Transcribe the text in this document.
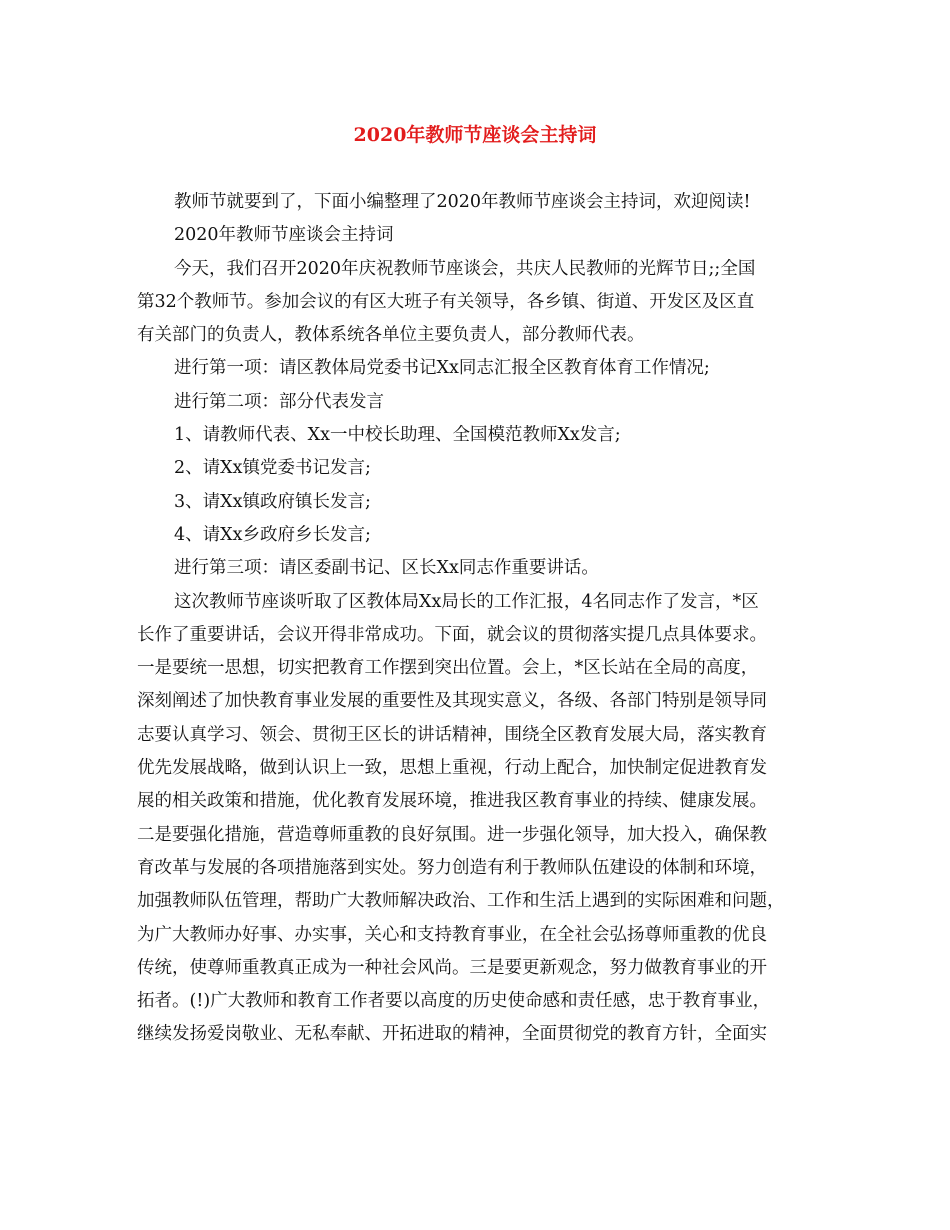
2020年教师节座谈会主持词
教师节就要到了，下面小编整理了2020年教师节座谈会主持词，欢迎阅读!
2020年教师节座谈会主持词
今天，我们召开2020年庆祝教师节座谈会，共庆人民教师的光辉节日;;全国
第32个教师节。参加会议的有区大班子有关领导，各乡镇、街道、开发区及区直
有关部门的负责人，教体系统各单位主要负责人，部分教师代表。
进行第一项：请区教体局党委书记Xx同志汇报全区教育体育工作情况;
进行第二项：部分代表发言
1、请教师代表、Xx一中校长助理、全国模范教师Xx发言;
2、请Xx镇党委书记发言;
3、请Xx镇政府镇长发言;
4、请Xx乡政府乡长发言;
进行第三项：请区委副书记、区长Xx同志作重要讲话。
这次教师节座谈听取了区教体局Xx局长的工作汇报，4名同志作了发言，*区
长作了重要讲话，会议开得非常成功。下面，就会议的贯彻落实提几点具体要求。
一是要统一思想，切实把教育工作摆到突出位置。会上，*区长站在全局的高度，
深刻阐述了加快教育事业发展的重要性及其现实意义，各级、各部门特别是领导同
志要认真学习、领会、贯彻王区长的讲话精神，围绕全区教育发展大局，落实教育
优先发展战略，做到认识上一致，思想上重视，行动上配合，加快制定促进教育发
展的相关政策和措施，优化教育发展环境，推进我区教育事业的持续、健康发展。
二是要强化措施，营造尊师重教的良好氛围。进一步强化领导，加大投入，确保教
育改革与发展的各项措施落到实处。努力创造有利于教师队伍建设的体制和环境，
加强教师队伍管理，帮助广大教师解决政治、工作和生活上遇到的实际困难和问题，
为广大教师办好事、办实事，关心和支持教育事业，在全社会弘扬尊师重教的优良
传统，使尊师重教真正成为一种社会风尚。三是要更新观念，努力做教育事业的开
拓者。(!)广大教师和教育工作者要以高度的历史使命感和责任感，忠于教育事业，
继续发扬爱岗敬业、无私奉献、开拓进取的精神，全面贯彻党的教育方针，全面实
